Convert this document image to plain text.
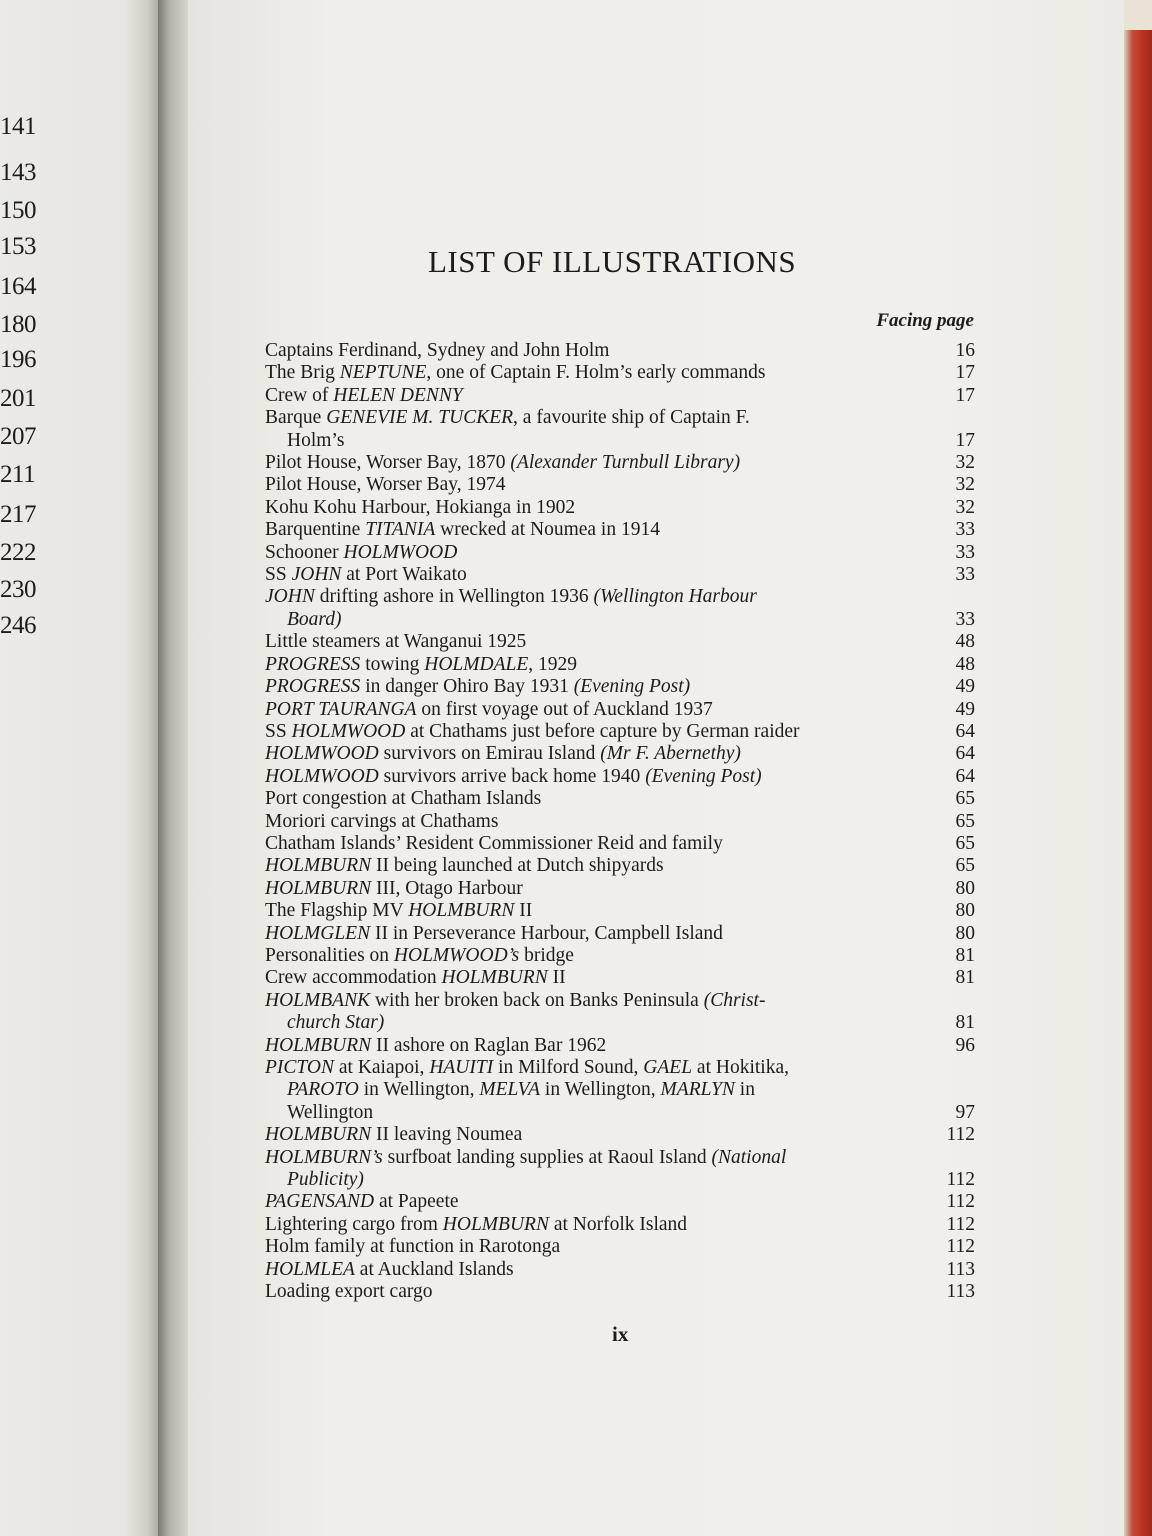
141
143
150
153
164
180
196
201
207
211
217
222
230
246
LIST OF ILLUSTRATIONS
Facing page
Captains Ferdinand, Sydney and John Holm	16
The Brig NEPTUNE, one of Captain F. Holm’s early commands	17
Crew of HELEN DENNY	17
Barque GENEVIE M. TUCKER, a favourite ship of Captain F.
Holm’s	17
Pilot House, Worser Bay, 1870 (Alexander Turnbull Library)	32
Pilot House, Worser Bay, 1974	32
Kohu Kohu Harbour, Hokianga in 1902	32
Barquentine TITANIA wrecked at Noumea in 1914	33
Schooner HOLMWOOD	33
SS JOHN at Port Waikato	33
JOHN drifting ashore in Wellington 1936 (Wellington Harbour
Board)	33
Little steamers at Wanganui 1925	48
PROGRESS towing HOLMDALE, 1929	48
PROGRESS in danger Ohiro Bay 1931 (Evening Post)	49
PORT TAURANGA on first voyage out of Auckland 1937	49
SS HOLMWOOD at Chathams just before capture by German raider	64
HOLMWOOD survivors on Emirau Island (Mr F. Abernethy)	64
HOLMWOOD survivors arrive back home 1940 (Evening Post)	64
Port congestion at Chatham Islands	65
Moriori carvings at Chathams	65
Chatham Islands’ Resident Commissioner Reid and family	65
HOLMBURN II being launched at Dutch shipyards	65
HOLMBURN III, Otago Harbour	80
The Flagship MV HOLMBURN II	80
HOLMGLEN II in Perseverance Harbour, Campbell Island	80
Personalities on HOLMWOOD’s bridge	81
Crew accommodation HOLMBURN II	81
HOLMBANK with her broken back on Banks Peninsula (Christ-
church Star)	81
HOLMBURN II ashore on Raglan Bar 1962	96
PICTON at Kaiapoi, HAUITI in Milford Sound, GAEL at Hokitika,
PAROTO in Wellington, MELVA in Wellington, MARLYN in
Wellington	97
HOLMBURN II leaving Noumea	112
HOLMBURN’s surfboat landing supplies at Raoul Island (National
Publicity)	112
PAGENSAND at Papeete	112
Lightering cargo from HOLMBURN at Norfolk Island	112
Holm family at function in Rarotonga	112
HOLMLEA at Auckland Islands	113
Loading export cargo	113
ix
